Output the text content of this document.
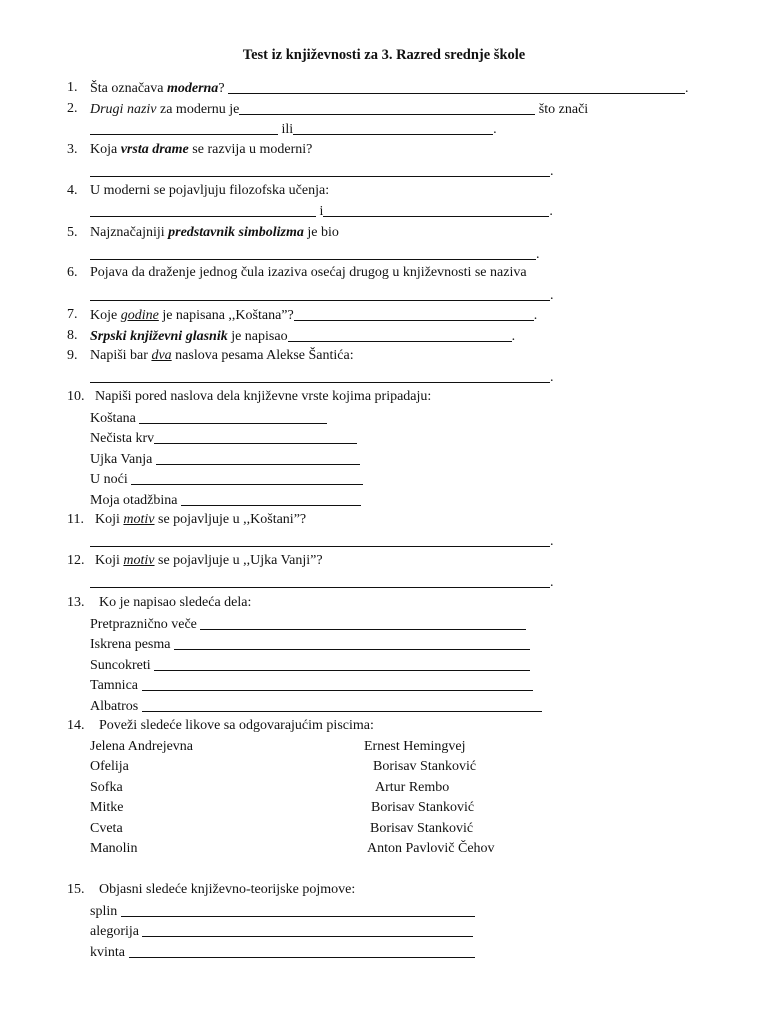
Test iz književnosti za 3. Razred srednje škole
1. Šta označava moderna?	.
2. Drugi naziv za modernu je	što znači
ili	.
3. Koja vrsta drame se razvija u moderni?
.
4. U moderni se pojavljuju filozofska učenja:
i	.
5. Najznačajniji predstavnik simbolizma je bio
.
6. Pojava da draženje jednog čula izaziva osećaj drugog u književnosti se naziva
.
7. Koje godine je napisana ,,Koštana”?	.
8. Srpski književni glasnik je napisao	.
9. Napiši bar dva naslova pesama Alekse Šantića:
.
10. Napiši pored naslova dela književne vrste kojima pripadaju:
Koštana
Nečista krv
Ujka Vanja
U noći
Moja otadžbina
11. Koji motiv se pojavljuje u ,,Koštani”?
.
12. Koji motiv se pojavljuje u ,,Ujka Vanji”?
.
13. Ko je napisao sledeća dela:
Pretpraznično veče
Iskrena pesma
Suncokreti
Tamnica
Albatros
14. Poveži sledeće likove sa odgovarajućim piscima:
Jelena Andrejevna	Ernest Hemingvej
Ofelija	Borisav Stanković
Sofka	Artur Rembo
Mitke	Borisav Stanković
Cveta	Borisav Stanković
Manolin	Anton Pavlovič Čehov
15. Objasni sledeće književno-teorijske pojmove:
splin
alegorija
kvinta
